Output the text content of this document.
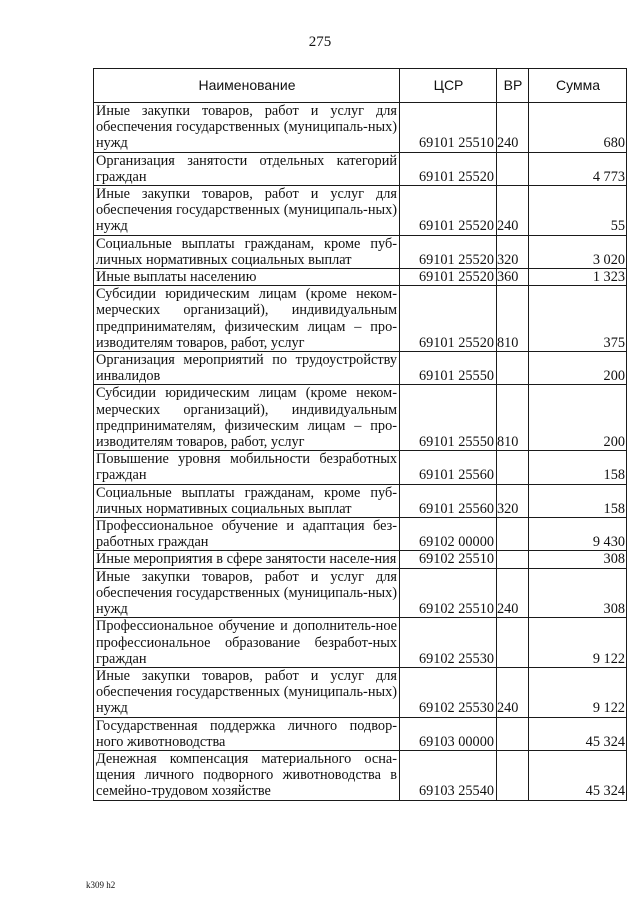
275
Наименование	ЦСР	ВР	Сумма
Иные закупки товаров, работ и услуг для обеспечения государственных (муниципаль-ных) нужд	69101 25510	240	680
Организация занятости отдельных категорий граждан	69101 25520		4 773
Иные закупки товаров, работ и услуг для обеспечения государственных (муниципаль-ных) нужд	69101 25520	240	55
Социальные выплаты гражданам, кроме пуб-личных нормативных социальных выплат	69101 25520	320	3 020
Иные выплаты населению	69101 25520	360	1 323
Субсидии юридическим лицам (кроме неком-мерческих организаций), индивидуальным предпринимателям, физическим лицам – про-изводителям товаров, работ, услуг	69101 25520	810	375
Организация мероприятий по трудоустройству инвалидов	69101 25550		200
Субсидии юридическим лицам (кроме неком-мерческих организаций), индивидуальным предпринимателям, физическим лицам – про-изводителям товаров, работ, услуг	69101 25550	810	200
Повышение уровня мобильности безработных граждан	69101 25560		158
Социальные выплаты гражданам, кроме пуб-личных нормативных социальных выплат	69101 25560	320	158
Профессиональное обучение и адаптация без-работных граждан	69102 00000		9 430
Иные мероприятия в сфере занятости населе-ния	69102 25510		308
Иные закупки товаров, работ и услуг для обеспечения государственных (муниципаль-ных) нужд	69102 25510	240	308
Профессиональное обучение и дополнитель-ное профессиональное образование безработ-ных граждан	69102 25530		9 122
Иные закупки товаров, работ и услуг для обеспечения государственных (муниципаль-ных) нужд	69102 25530	240	9 122
Государственная поддержка личного подвор-ного животноводства	69103 00000		45 324
Денежная компенсация материального осна-щения личного подворного животноводства в семейно-трудовом хозяйстве	69103 25540		45 324
k309 h2
